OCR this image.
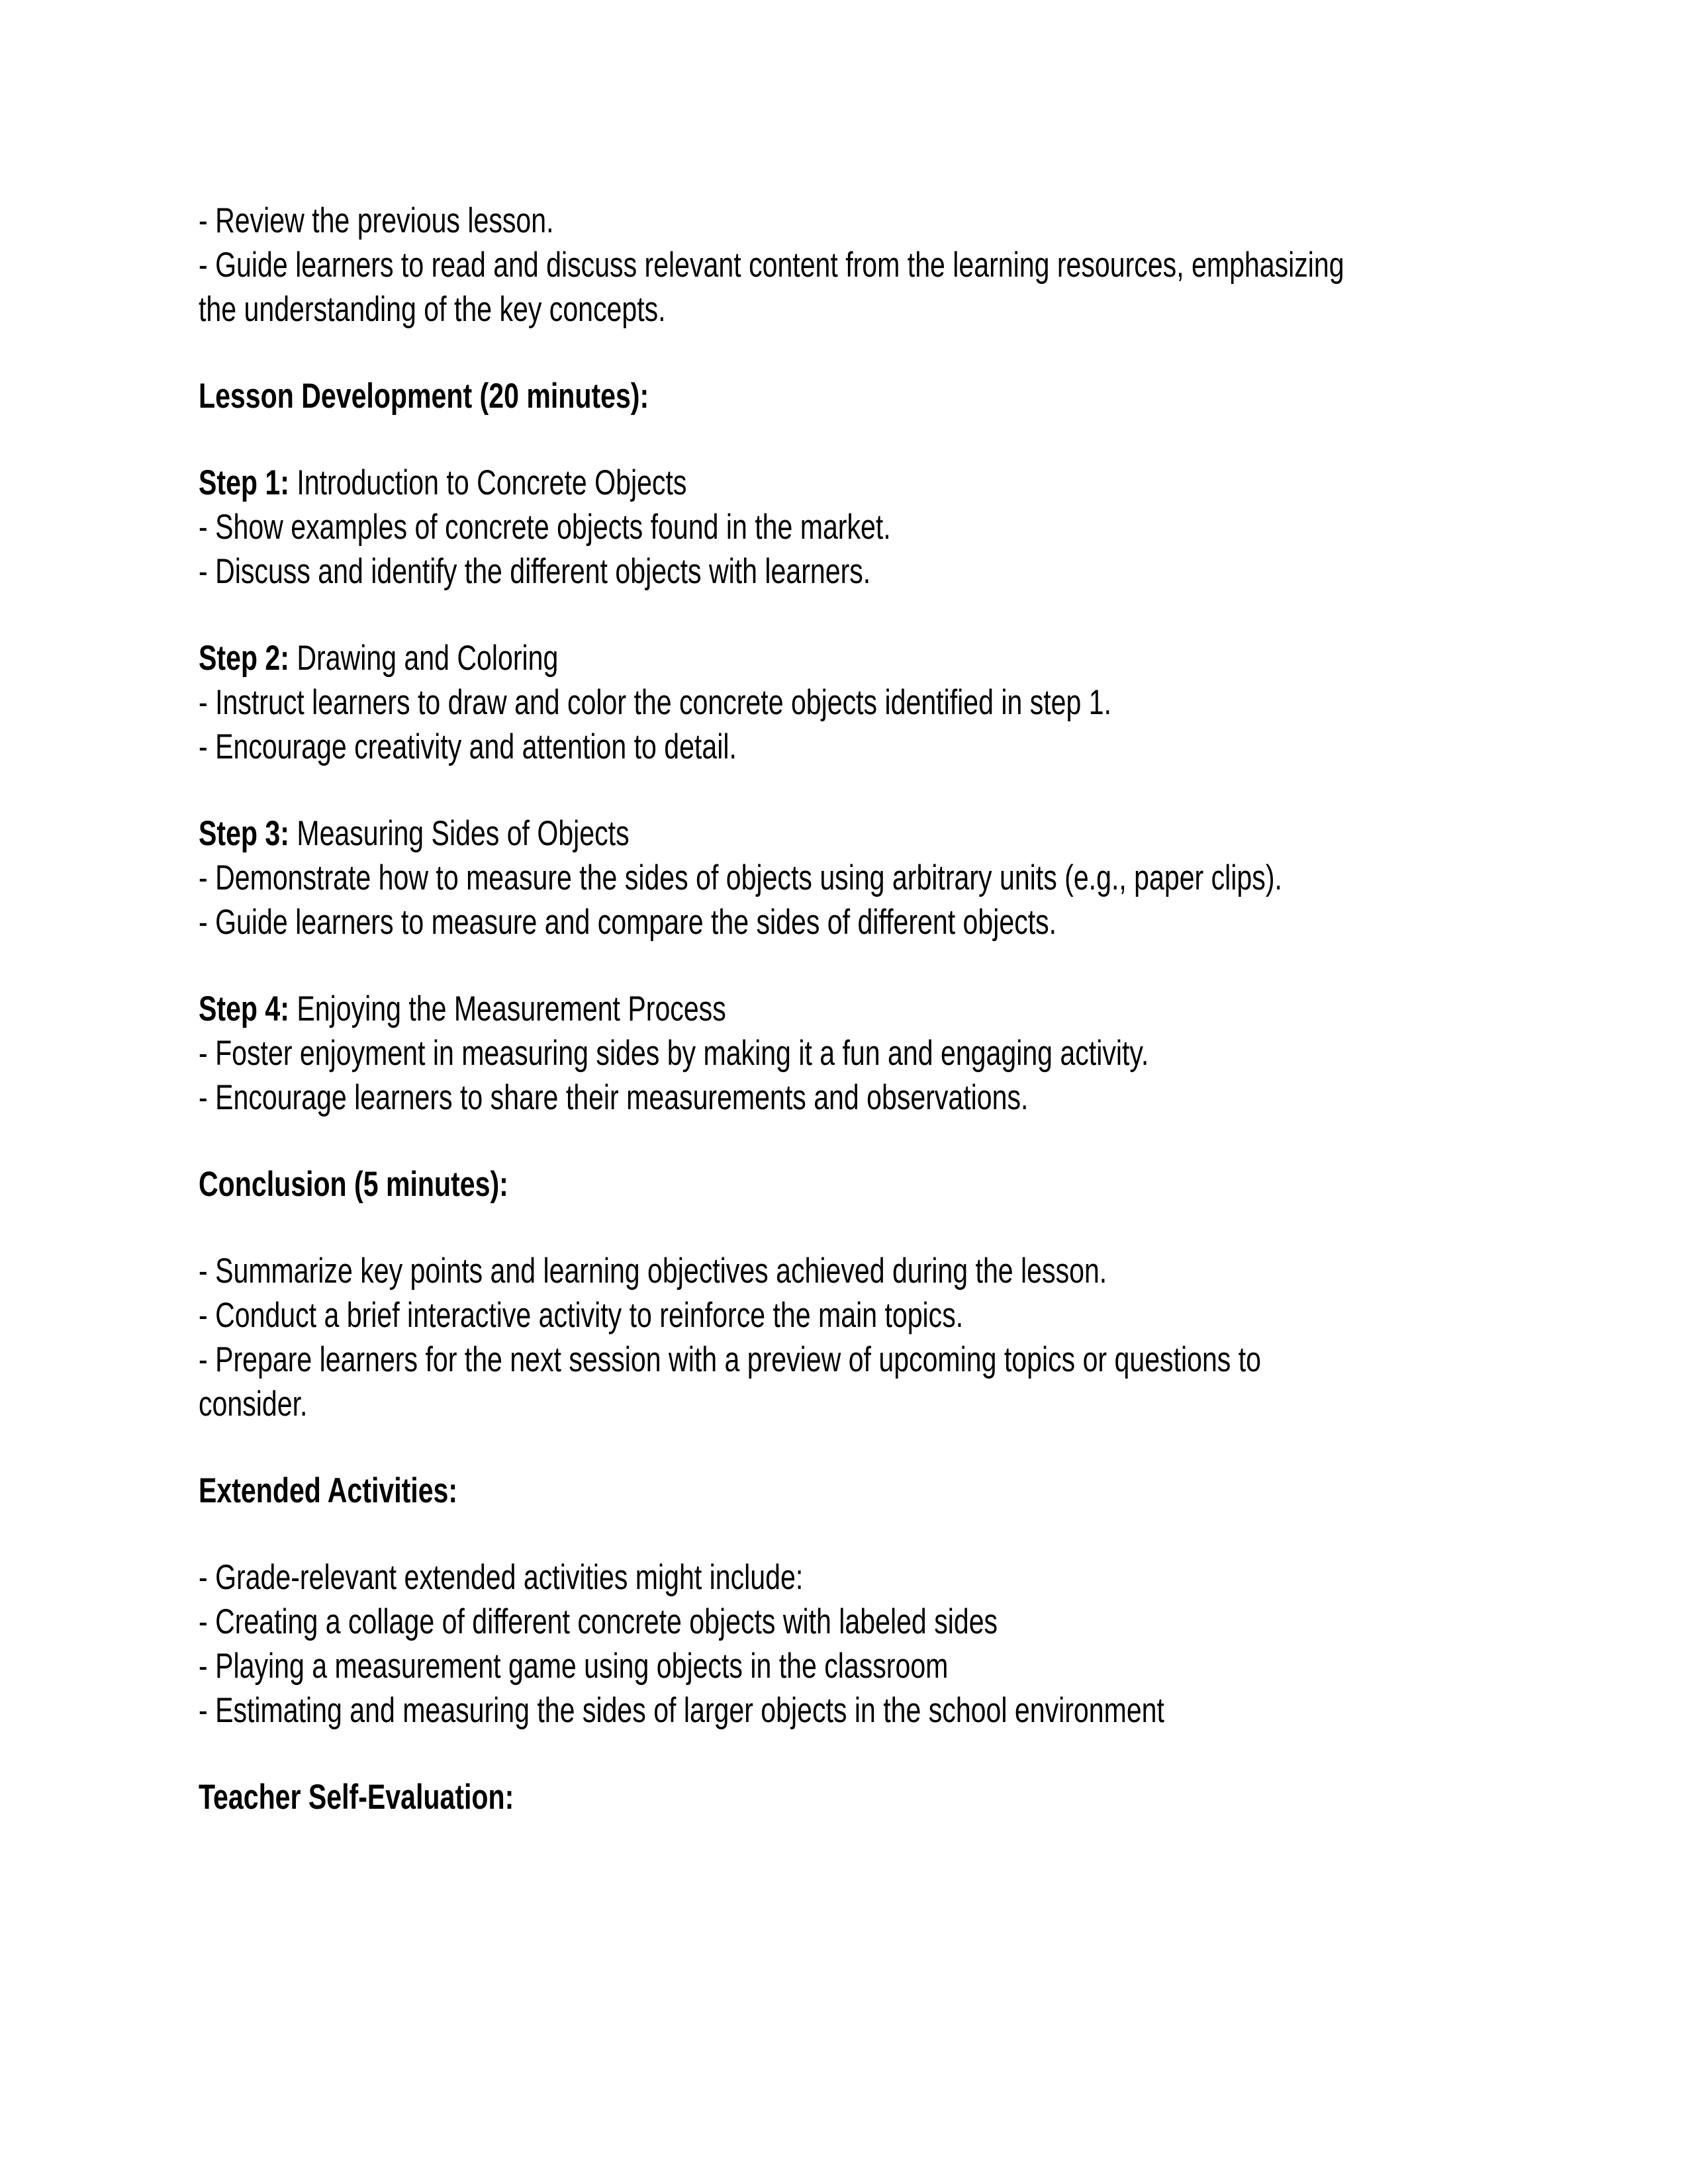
- Review the previous lesson.
- Guide learners to read and discuss relevant content from the learning resources, emphasizing
the understanding of the key concepts.
Lesson Development (20 minutes):
Step 1: Introduction to Concrete Objects
- Show examples of concrete objects found in the market.
- Discuss and identify the different objects with learners.
Step 2: Drawing and Coloring
- Instruct learners to draw and color the concrete objects identified in step 1.
- Encourage creativity and attention to detail.
Step 3: Measuring Sides of Objects
- Demonstrate how to measure the sides of objects using arbitrary units (e.g., paper clips).
- Guide learners to measure and compare the sides of different objects.
Step 4: Enjoying the Measurement Process
- Foster enjoyment in measuring sides by making it a fun and engaging activity.
- Encourage learners to share their measurements and observations.
Conclusion (5 minutes):
- Summarize key points and learning objectives achieved during the lesson.
- Conduct a brief interactive activity to reinforce the main topics.
- Prepare learners for the next session with a preview of upcoming topics or questions to
consider.
Extended Activities:
- Grade-relevant extended activities might include:
- Creating a collage of different concrete objects with labeled sides
- Playing a measurement game using objects in the classroom
- Estimating and measuring the sides of larger objects in the school environment
Teacher Self-Evaluation:
